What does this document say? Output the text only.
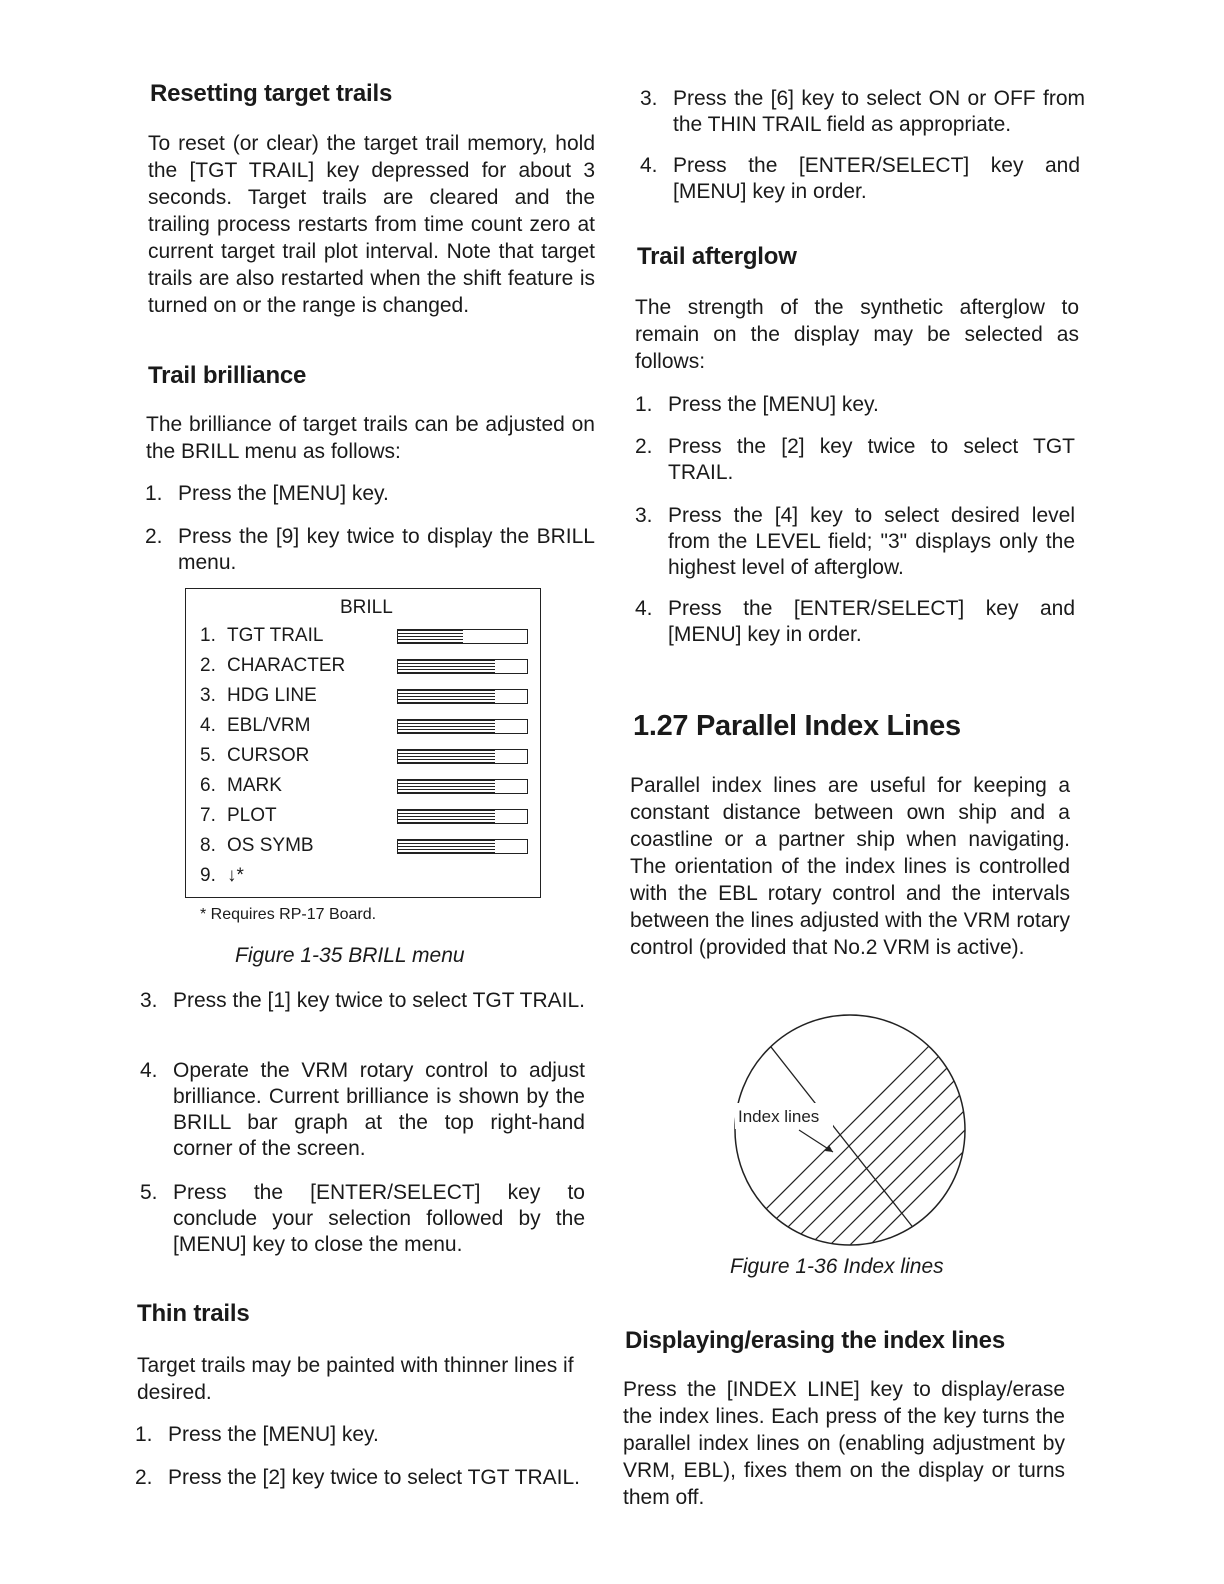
Resetting target trails

To reset (or clear) the target trail memory, hold the [TGT TRAIL] key depressed for about 3 seconds. Target trails are cleared and the trailing process restarts from time count zero at current target trail plot interval. Note that target trails are also restarted when the shift feature is turned on or the range is changed.

Trail brilliance

The brilliance of target trails can be adjusted on the BRILL menu as follows:

1. Press the [MENU] key.
2. Press the [9] key twice to display the BRILL menu.
BRILL
1. TGT TRAIL
2. CHARACTER
3. HDG LINE
4. EBL/VRM
5. CURSOR
6. MARK
7. PLOT
8. OS SYMB
9. ↓*
* Requires RP-17 Board.
Figure 1-35 BRILL menu
3. Press the [1] key twice to select TGT TRAIL.
4. Operate the VRM rotary control to adjust brilliance. Current brilliance is shown by the BRILL bar graph at the top right-hand corner of the screen.
5. Press the [ENTER/SELECT] key to conclude your selection followed by the [MENU] key to close the menu.
Thin trails

Target trails may be painted with thinner lines if desired.

1. Press the [MENU] key.
2. Press the [2] key twice to select TGT TRAIL.
3. Press the [6] key to select ON or OFF from the THIN TRAIL field as appropriate.
4. Press the [ENTER/SELECT] key and [MENU] key in order.
Trail afterglow

The strength of the synthetic afterglow to remain on the display may be selected as follows:

1. Press the [MENU] key.
2. Press the [2] key twice to select TGT TRAIL.
3. Press the [4] key to select desired level from the LEVEL field; "3" displays only the highest level of afterglow.
4. Press the [ENTER/SELECT] key and [MENU] key in order.
1.27 Parallel Index Lines

Parallel index lines are useful for keeping a constant distance between own ship and a coastline or a partner ship when navigating. The orientation of the index lines is controlled with the EBL rotary control and the intervals between the lines adjusted with the VRM rotary control (provided that No.2 VRM is active).

Index lines
Figure 1-36 Index lines
Displaying/erasing the index lines

Press the [INDEX LINE] key to display/erase the index lines. Each press of the key turns the parallel index lines on (enabling adjustment by VRM, EBL), fixes them on the display or turns them off.
